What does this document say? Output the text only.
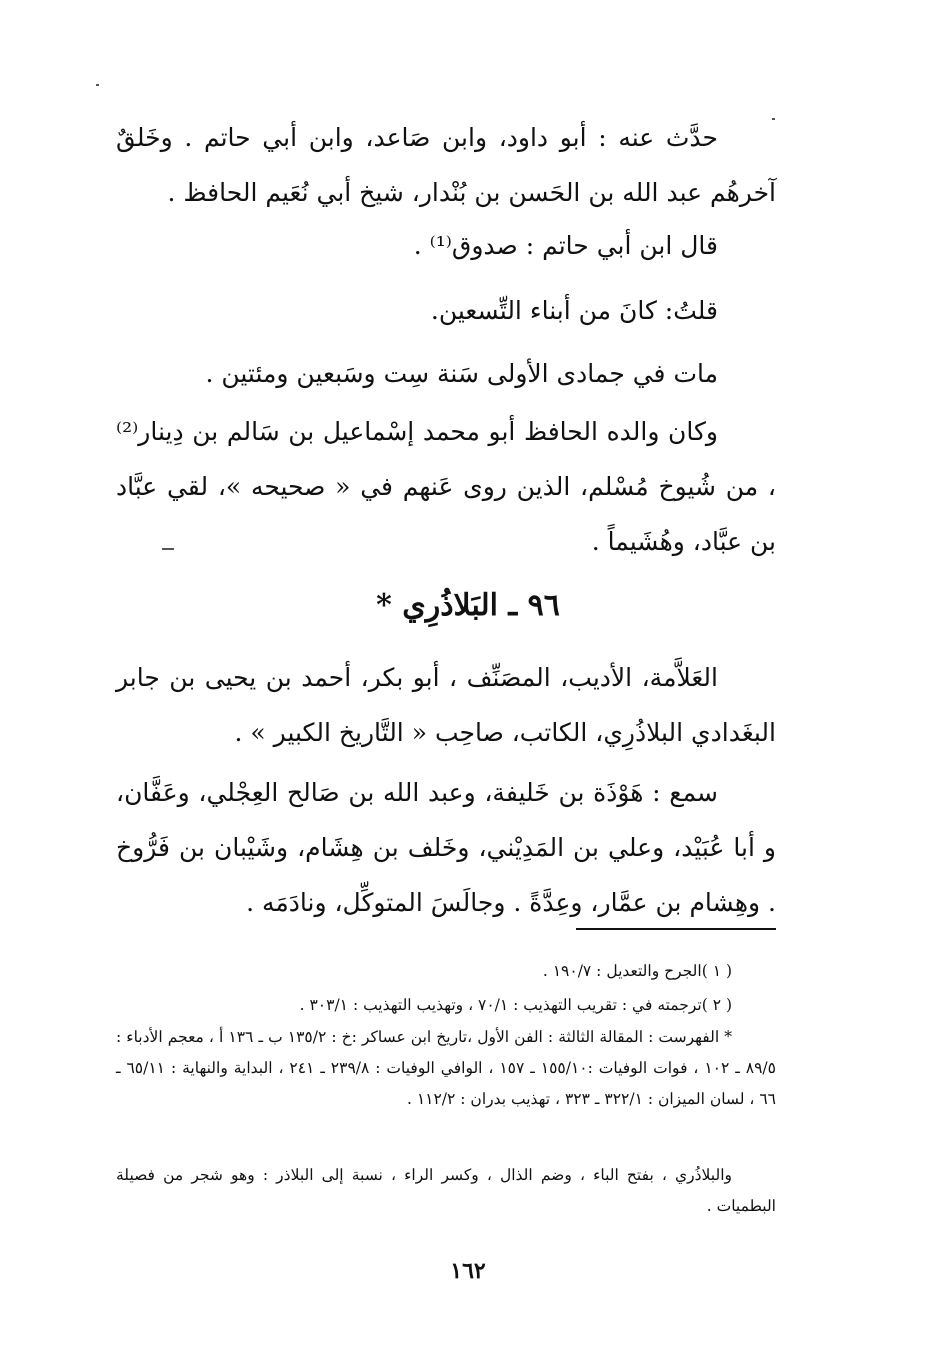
حدَّث عنه : أبو داود، وابن صَاعد، وابن أبي حاتم . وخَلقٌ آخرهُم عبد الله بن الحَسن بن بُنْدار، شيخ أبي نُعَيم الحافظ .

قال ابن أبي حاتم : صدوق⁽¹⁾ .

قلتُ: كانَ من أبناء التِّسعين.

مات في جمادى الأولى سَنة سِت وسَبعين ومئتين .

وكان والده الحافظ أبو محمد إسْماعيل بن سَالم بن دِينار⁽²⁾ ، من شُيوخ مُسْلم، الذين روى عَنهم في « صحيحه »، لقي عبَّاد بن عبَّاد، وهُشَيماً .

٩٦ ـ البَلاذُرِي *

العَلاَّمة، الأديب، المصَنِّف ، أبو بكر، أحمد بن يحيى بن جابر البغَدادي البلاذُرِي، الكاتب، صاحِب « التَّاريخ الكبير » .

سمع : هَوْذَة بن خَليفة، وعبد الله بن صَالح العِجْلي، وعَفَّان، و أبا عُبَيْد، وعلي بن المَدِيْني، وخَلف بن هِشَام، وشَيْبان بن فَرُّوخ . وهِشام بن عمَّار، وعِدَّةً . وجالَسَ المتوكِّل، ونادَمَه .

( ١ )الجرح والتعديل : ١٩٠/٧ .

( ٢ )ترجمته في : تقريب التهذيب : ٧٠/١ ، وتهذيب التهذيب : ٣٠٣/١ .

* الفهرست : المقالة الثالثة : الفن الأول ،تاريخ ابن عساكر :خ : ١٣٥/٢ ب ـ ١٣٦ أ ، معجم الأدباء : ٨٩/٥ ـ ١٠٢ ، فوات الوفيات :١٥٥/١٠ ـ ١٥٧ ، الوافي الوفيات : ٢٣٩/٨ ـ ٢٤١ ، البداية والنهاية : ٦٥/١١ ـ ٦٦ ، لسان الميزان : ٣٢٢/١ ـ ٣٢٣ ، تهذيب بدران : ١١٢/٢ .

والبلاذُري ، بفتح الباء ، وضم الذال ، وكسر الراء ، نسبة إلى البلاذر : وهو شجر من فصيلة البطميات .

١٦٢
